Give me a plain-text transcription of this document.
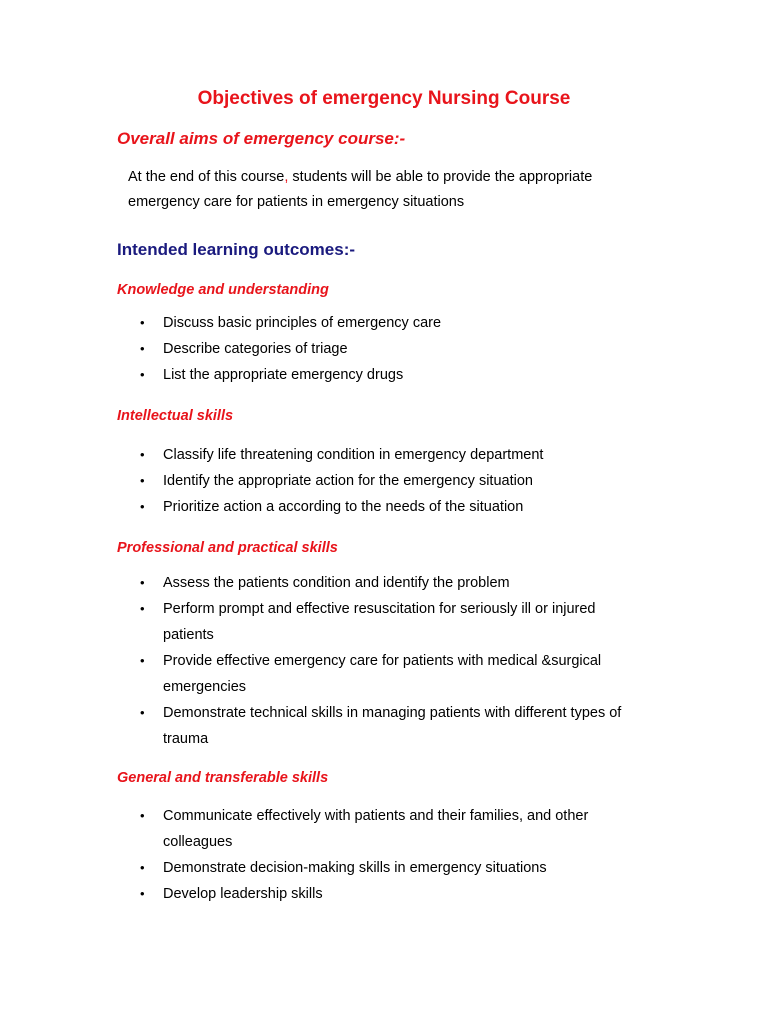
Objectives of emergency Nursing Course
Overall aims of emergency course:-
At the end of this course, students will be able to provide the appropriate emergency care for patients in emergency situations
Intended learning outcomes:-
Knowledge and understanding
• Discuss basic principles of emergency care
• Describe categories of triage
• List the appropriate emergency drugs
Intellectual skills
• Classify life threatening condition in emergency department
• Identify the appropriate action for the emergency situation
• Prioritize action a according to the needs of the situation
Professional and practical skills
• Assess the patients condition and identify the problem
• Perform prompt and effective resuscitation for seriously ill or injured patients
• Provide effective emergency care for patients with medical &surgical emergencies
• Demonstrate technical skills in managing patients with different types of trauma
General and transferable skills
• Communicate effectively with patients and their families, and other colleagues
• Demonstrate decision-making skills in emergency situations
• Develop leadership skills
